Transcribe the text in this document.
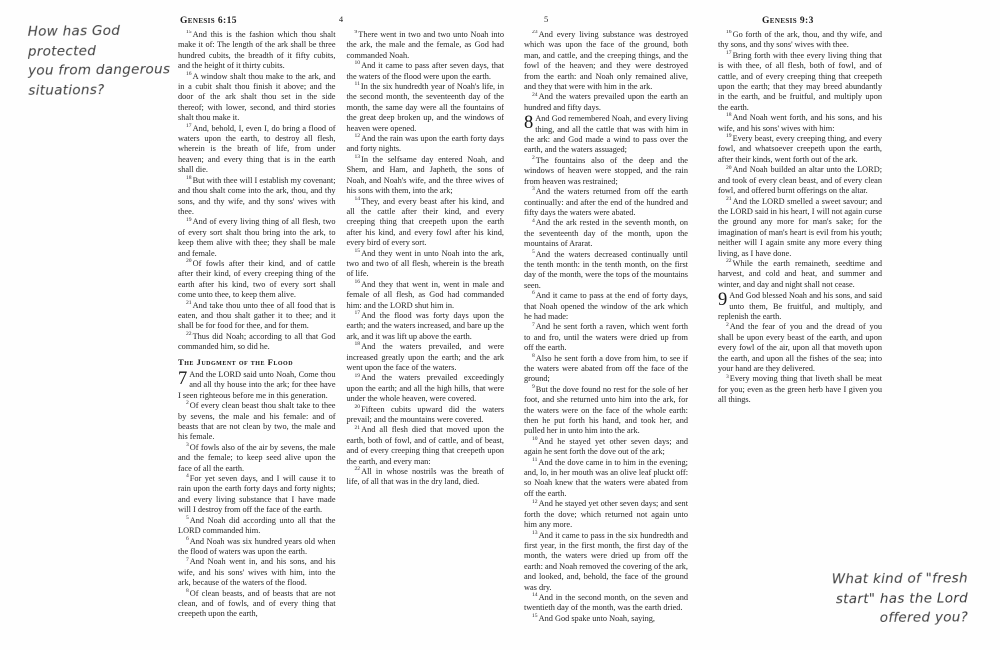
How has God protected
you from dangerous
situations?
What kind of "fresh
start" has the Lord
offered you?
Genesis 6:15	4

$^{15}$And this is the fashion which thou shalt make it of: The length of the ark shall be three hundred cubits, the breadth of it fifty cubits, and the height of it thirty cubits.

$^{16}$A window shalt thou make to the ark, and in a cubit shalt thou finish it above; and the door of the ark shalt thou set in the side thereof; with lower, second, and third stories shalt thou make it.

$^{17}$And, behold, I, even I, do bring a flood of waters upon the earth, to destroy all flesh, wherein is the breath of life, from under heaven; and every thing that is in the earth shall die.

$^{18}$But with thee will I establish my covenant; and thou shalt come into the ark, thou, and thy sons, and thy wife, and thy sons' wives with thee.

$^{19}$And of every living thing of all flesh, two of every sort shalt thou bring into the ark, to keep them alive with thee; they shall be male and female.

$^{20}$Of fowls after their kind, and of cattle after their kind, of every creeping thing of the earth after his kind, two of every sort shall come unto thee, to keep them alive.

$^{21}$And take thou unto thee of all food that is eaten, and thou shalt gather it to thee; and it shall be for food for thee, and for them.

$^{22}$Thus did Noah; according to all that God commanded him, so did he.

The Judgment of the Flood

7 And the LORD said unto Noah, Come thou and all thy house into the ark; for thee have I seen righteous before me in this generation.

$^2$Of every clean beast thou shalt take to thee by sevens, the male and his female: and of beasts that are not clean by two, the male and his female.

$^3$Of fowls also of the air by sevens, the male and the female; to keep seed alive upon the face of all the earth.

$^4$For yet seven days, and I will cause it to rain upon the earth forty days and forty nights; and every living substance that I have made will I destroy from off the face of the earth.

$^5$And Noah did according unto all that the LORD commanded him.

$^6$And Noah was six hundred years old when the flood of waters was upon the earth.

$^7$And Noah went in, and his sons, and his wife, and his sons' wives with him, into the ark, because of the waters of the flood.

$^8$Of clean beasts, and of beasts that are not clean, and of fowls, and of every thing that creepeth upon the earth,

$^9$There went in two and two unto Noah into the ark, the male and the female, as God had commanded Noah.

$^{10}$And it came to pass after seven days, that the waters of the flood were upon the earth.

$^{11}$In the six hundredth year of Noah's life, in the second month, the seventeenth day of the month, the same day were all the fountains of the great deep broken up, and the windows of heaven were opened.

$^{12}$And the rain was upon the earth forty days and forty nights.

$^{13}$In the selfsame day entered Noah, and Shem, and Ham, and Japheth, the sons of Noah, and Noah's wife, and the three wives of his sons with them, into the ark;

$^{14}$They, and every beast after his kind, and all the cattle after their kind, and every creeping thing that creepeth upon the earth after his kind, and every fowl after his kind, every bird of every sort.

$^{15}$And they went in unto Noah into the ark, two and two of all flesh, wherein is the breath of life.

$^{16}$And they that went in, went in male and female of all flesh, as God had commanded him: and the LORD shut him in.

$^{17}$And the flood was forty days upon the earth; and the waters increased, and bare up the ark, and it was lift up above the earth.

$^{18}$And the waters prevailed, and were increased greatly upon the earth; and the ark went upon the face of the waters.

$^{19}$And the waters prevailed exceedingly upon the earth; and all the high hills, that were under the whole heaven, were covered.

$^{20}$Fifteen cubits upward did the waters prevail; and the mountains were covered.

$^{21}$And all flesh died that moved upon the earth, both of fowl, and of cattle, and of beast, and of every creeping thing that creepeth upon the earth, and every man:

$^{22}$All in whose nostrils was the breath of life, of all that was in the dry land, died.

5	Genesis 9:3

$^{23}$And every living substance was destroyed which was upon the face of the ground, both man, and cattle, and the creeping things, and the fowl of the heaven; and they were destroyed from the earth: and Noah only remained alive, and they that were with him in the ark.

$^{24}$And the waters prevailed upon the earth an hundred and fifty days.

8 And God remembered Noah, and every living thing, and all the cattle that was with him in the ark: and God made a wind to pass over the earth, and the waters assuaged;

$^2$The fountains also of the deep and the windows of heaven were stopped, and the rain from heaven was restrained;

$^3$And the waters returned from off the earth continually: and after the end of the hundred and fifty days the waters were abated.

$^4$And the ark rested in the seventh month, on the seventeenth day of the month, upon the mountains of Ararat.

$^5$And the waters decreased continually until the tenth month: in the tenth month, on the first day of the month, were the tops of the mountains seen.

$^6$And it came to pass at the end of forty days, that Noah opened the window of the ark which he had made:

$^7$And he sent forth a raven, which went forth to and fro, until the waters were dried up from off the earth.

$^8$Also he sent forth a dove from him, to see if the waters were abated from off the face of the ground;

$^9$But the dove found no rest for the sole of her foot, and she returned unto him into the ark, for the waters were on the face of the whole earth: then he put forth his hand, and took her, and pulled her in unto him into the ark.

$^{10}$And he stayed yet other seven days; and again he sent forth the dove out of the ark;

$^{11}$And the dove came in to him in the evening; and, lo, in her mouth was an olive leaf pluckt off: so Noah knew that the waters were abated from off the earth.

$^{12}$And he stayed yet other seven days; and sent forth the dove; which returned not again unto him any more.

$^{13}$And it came to pass in the six hundredth and first year, in the first month, the first day of the month, the waters were dried up from off the earth: and Noah removed the covering of the ark, and looked, and, behold, the face of the ground was dry.

$^{14}$And in the second month, on the seven and twentieth day of the month, was the earth dried.

$^{15}$And God spake unto Noah, saying,

$^{16}$Go forth of the ark, thou, and thy wife, and thy sons, and thy sons' wives with thee.

$^{17}$Bring forth with thee every living thing that is with thee, of all flesh, both of fowl, and of cattle, and of every creeping thing that creepeth upon the earth; that they may breed abundantly in the earth, and be fruitful, and multiply upon the earth.

$^{18}$And Noah went forth, and his sons, and his wife, and his sons' wives with him:

$^{19}$Every beast, every creeping thing, and every fowl, and whatsoever creepeth upon the earth, after their kinds, went forth out of the ark.

$^{20}$And Noah builded an altar unto the LORD; and took of every clean beast, and of every clean fowl, and offered burnt offerings on the altar.

$^{21}$And the LORD smelled a sweet savour; and the LORD said in his heart, I will not again curse the ground any more for man's sake; for the imagination of man's heart is evil from his youth; neither will I again smite any more every thing living, as I have done.

$^{22}$While the earth remaineth, seedtime and harvest, and cold and heat, and summer and winter, and day and night shall not cease.

9 And God blessed Noah and his sons, and said unto them, Be fruitful, and multiply, and replenish the earth.

$^2$And the fear of you and the dread of you shall be upon every beast of the earth, and upon every fowl of the air, upon all that moveth upon the earth, and upon all the fishes of the sea; into your hand are they delivered.

$^3$Every moving thing that liveth shall be meat for you; even as the green herb have I given you all things.
